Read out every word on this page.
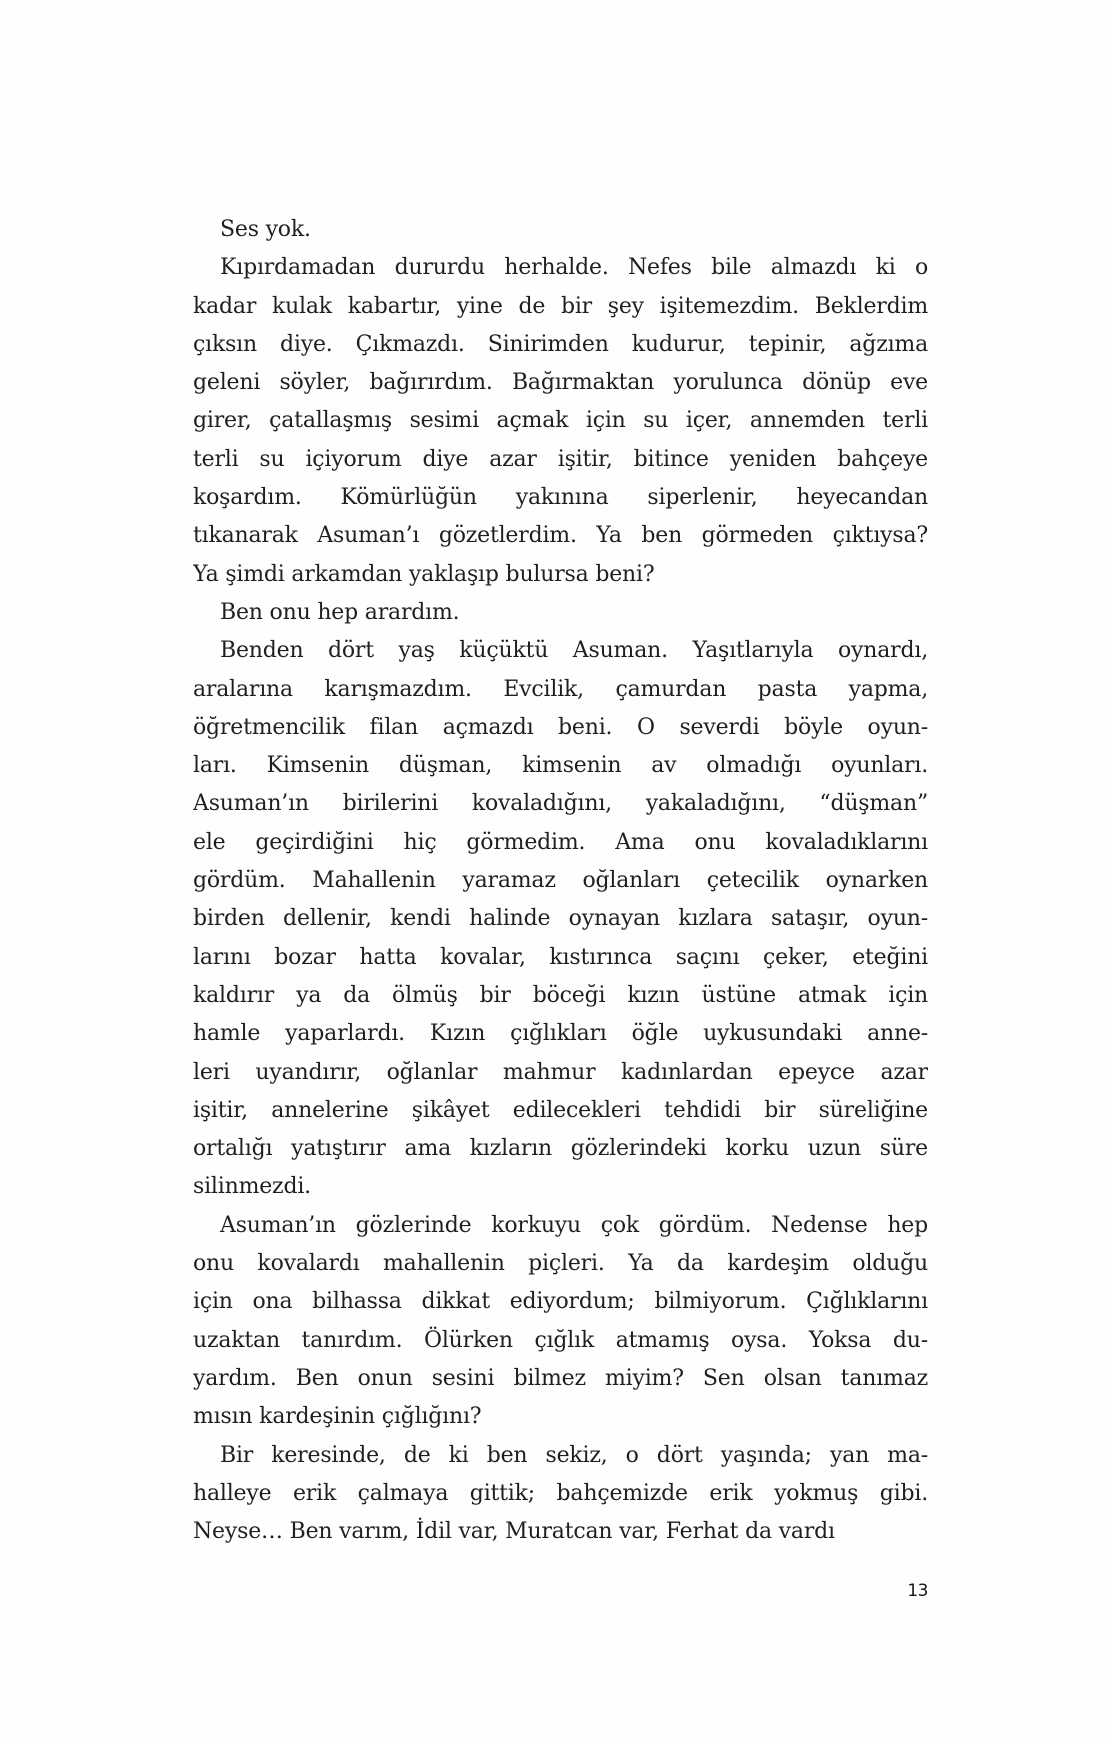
Ses yok.
Kıpırdamadan dururdu herhalde. Nefes bile almazdı ki o
kadar kulak kabartır, yine de bir şey işitemezdim. Beklerdim
çıksın diye. Çıkmazdı. Sinirimden kudurur, tepinir, ağzıma
geleni söyler, bağırırdım. Bağırmaktan yorulunca dönüp eve
girer, çatallaşmış sesimi açmak için su içer, annemden terli
terli su içiyorum diye azar işitir, bitince yeniden bahçeye
koşardım. Kömürlüğün yakınına siperlenir, heyecandan
tıkanarak Asuman’ı gözetlerdim. Ya ben görmeden çıktıysa?
Ya şimdi arkamdan yaklaşıp bulursa beni?
Ben onu hep arardım.
Benden dört yaş küçüktü Asuman. Yaşıtlarıyla oynardı,
aralarına karışmazdım. Evcilik, çamurdan pasta yapma,
öğretmencilik filan açmazdı beni. O severdi böyle oyun-
ları. Kimsenin düşman, kimsenin av olmadığı oyunları.
Asuman’ın birilerini kovaladığını, yakaladığını, “düşman”
ele geçirdiğini hiç görmedim. Ama onu kovaladıklarını
gördüm. Mahallenin yaramaz oğlanları çetecilik oynarken
birden dellenir, kendi halinde oynayan kızlara sataşır, oyun-
larını bozar hatta kovalar, kıstırınca saçını çeker, eteğini
kaldırır ya da ölmüş bir böceği kızın üstüne atmak için
hamle yaparlardı. Kızın çığlıkları öğle uykusundaki anne-
leri uyandırır, oğlanlar mahmur kadınlardan epeyce azar
işitir, annelerine şikâyet edilecekleri tehdidi bir süreliğine
ortalığı yatıştırır ama kızların gözlerindeki korku uzun süre
silinmezdi.
Asuman’ın gözlerinde korkuyu çok gördüm. Nedense hep
onu kovalardı mahallenin piçleri. Ya da kardeşim olduğu
için ona bilhassa dikkat ediyordum; bilmiyorum. Çığlıklarını
uzaktan tanırdım. Ölürken çığlık atmamış oysa. Yoksa du-
yardım. Ben onun sesini bilmez miyim? Sen olsan tanımaz
mısın kardeşinin çığlığını?
Bir keresinde, de ki ben sekiz, o dört yaşında; yan ma-
halleye erik çalmaya gittik; bahçemizde erik yokmuş gibi.
Neyse… Ben varım, İdil var, Muratcan var, Ferhat da vardı
13
